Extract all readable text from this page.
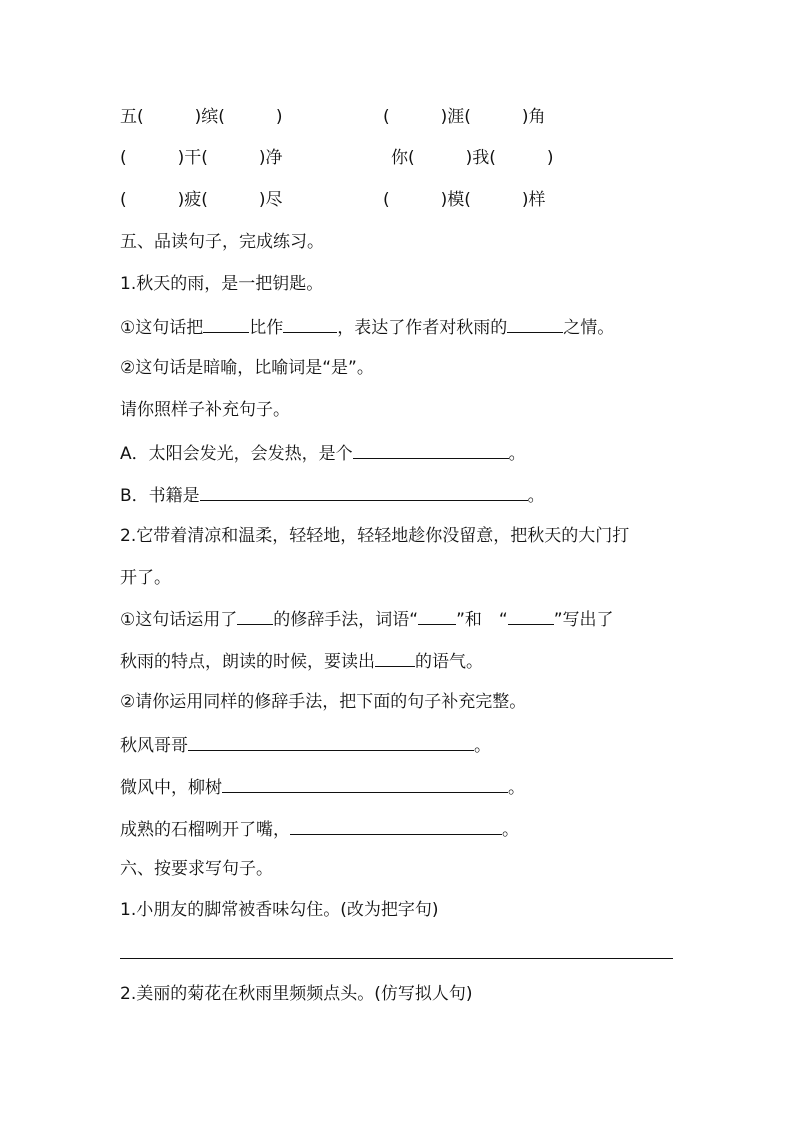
五(　　　)缤(　　　)	(　　　)涯(　　　)角
(　　　)干(　　　)净	你(　　　)我(　　　)
(　　　)疲(　　　)尽	(　　　)模(　　　)样
五、品读句子，完成练习。
1.秋天的雨，是一把钥匙。
①这句话把	比作	，表达了作者对秋雨的	之情。
②这句话是暗喻，比喻词是“是”。
请你照样子补充句子。
A．太阳会发光，会发热，是个	。
B．书籍是	。
2.它带着清凉和温柔，轻轻地，轻轻地趁你没留意，把秋天的大门打
开了。
①这句话运用了 的修辞手法，词语“ ”和　“	”写出了
秋雨的特点，朗读的时候，要读出 的语气。
②请你运用同样的修辞手法，把下面的句子补充完整。
秋风哥哥	。
微风中，柳树	。
成熟的石榴咧开了嘴，	。
六、按要求写句子。
1.小朋友的脚常被香味勾住。(改为把字句)
2.美丽的菊花在秋雨里频频点头。(仿写拟人句)
